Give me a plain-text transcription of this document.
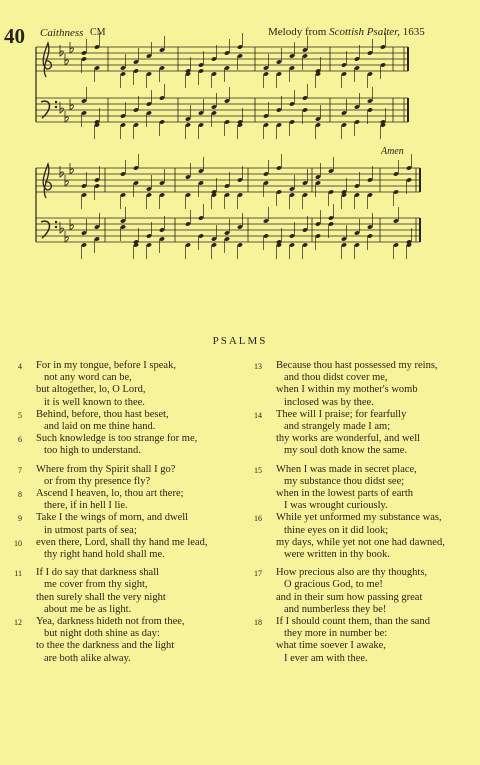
40 Caithness CM	Melody from Scottish Psalter, 1635
Amen
PSALMS
4 For in my tongue, before I speak,
not any word can be,
but altogether, lo, O Lord,
it is well known to thee.
5 Behind, before, thou hast beset,
and laid on me thine hand.
6 Such knowledge is too strange for me,
too high to understand.
7 Where from thy Spirit shall I go?
or from thy presence fly?
8 Ascend I heaven, lo, thou art there;
there, if in hell I lie.
9 Take I the wings of morn, and dwell
in utmost parts of sea;
10 even there, Lord, shall thy hand me lead,
thy right hand hold shall me.
11 If I do say that darkness shall
me cover from thy sight,
then surely shall the very night
about me be as light.
12 Yea, darkness hideth not from thee,
but night doth shine as day:
to thee the darkness and the light
are both alike alway.
13 Because thou hast possessed my reins,
and thou didst cover me,
when I within my mother's womb
inclosed was by thee.
14 Thee will I praise; for fearfully
and strangely made I am;
thy works are wonderful, and well
my soul doth know the same.
15 When I was made in secret place,
my substance thou didst see;
when in the lowest parts of earth
I was wrought curiously.
16 While yet unformed my substance was,
thine eyes on it did look;
my days, while yet not one had dawned,
were written in thy book.
17 How precious also are thy thoughts,
O gracious God, to me!
and in their sum how passing great
and numberless they be!
18 If I should count them, than the sand
they more in number be:
what time soever I awake,
I ever am with thee.
